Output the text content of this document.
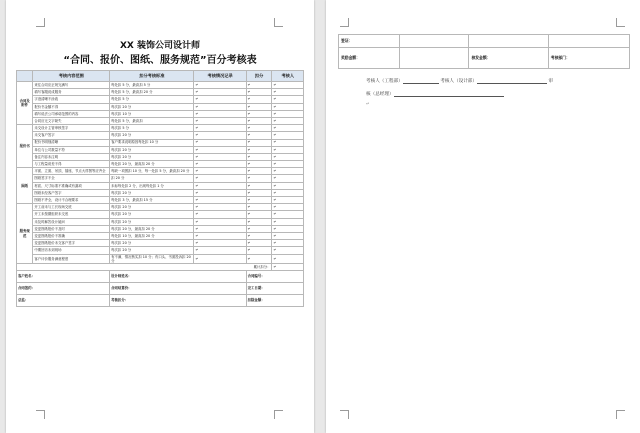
XX 装饰公司设计师
“合同、报价、图纸、服务规范”百分考核表
	考核内容范围	扣分考核标准	考核情况记录	扣分	考核人
合同及附件	来往合同应正规完满写	每处扣 5 分，最高扣 5 分	↵	↵	↵
	填写客服说成服务	每处扣 5 分，最高扣 20 分	↵	↵	↵
	字迹清晰不涂改	每处扣 5 分	↵	↵	↵
	报价书金额不得	每次扣 20 分	↵	↵	↵
	填写说法公司承诺范围的内容	每次扣 10 分	↵	↵	↵
	合同应无文字缺失	每处扣 5 分，最高扣	↵	↵	↵
报价书	未交设计主管审核签字	每次扣 5 分	↵	↵	↵
	未交客户签字	每次扣 20 分	↵	↵	↵
	报价书明细清晰	客户要求说明原因每处扣 10 分	↵	↵	↵
	单位与公司数量不符	每次扣 20 分	↵	↵	↵
	备注内容未注明	每次扣 20 分	↵	↵	↵
	与工程量误差不得	每处扣 20 分，最高扣 20 分	↵	↵	↵
图纸	平面、立面、吊顶、插座、节点大样图等应齐全	每缺一项图扣 10 分，每一处扣 5 分，最高扣 20 分	↵	↵	↵
	图纸签字不全	扣 20 分	↵	↵	↵
	材质、尺寸标准不准确或有漏项	未标每处扣 2 分，出现每处扣 1 分	↵	↵	↵
	图纸未经客户签字	每次扣 20 分	↵	↵	↵
	图纸不齐全，设计不合理要求	每处扣 3 分，最高扣 15 分	↵	↵	↵
服务规范	开工前未与工长现场交底	每次扣 20 分	↵	↵	↵
	开工未按期组织未交底	每次扣 20 分	↵	↵	↵
	未及时解答设计疑问	每次扣 20 分	↵	↵	↵
	变更图纸报价不及时	每次扣 20 分，最高扣 20 分	↵	↵	↵
	变更图纸报价不准确	每处扣 10 分，最高扣 20 分	↵	↵	↵
	变更图纸报价未交客户签字	每次扣 20 分	↵	↵	↵
	中期回访未到现场	每次扣 20 分	↵	↵	↵
	客户评价服务满意程度	有不满，情况核实扣 10 分；有口头、书面投诉扣 20 分	↵	↵	↵
累计扣分：					↵
客户姓名：		设计师姓名：		合同编号：	
合同签约：		合同结算价：		完工日期：	
总监：		考核扣分：		扣除金额：	
签证：			
奖励金额：		核发金额：	考核部门：
考核人（工程部）	考核人（设计部）	审
核（总经理）
↵
